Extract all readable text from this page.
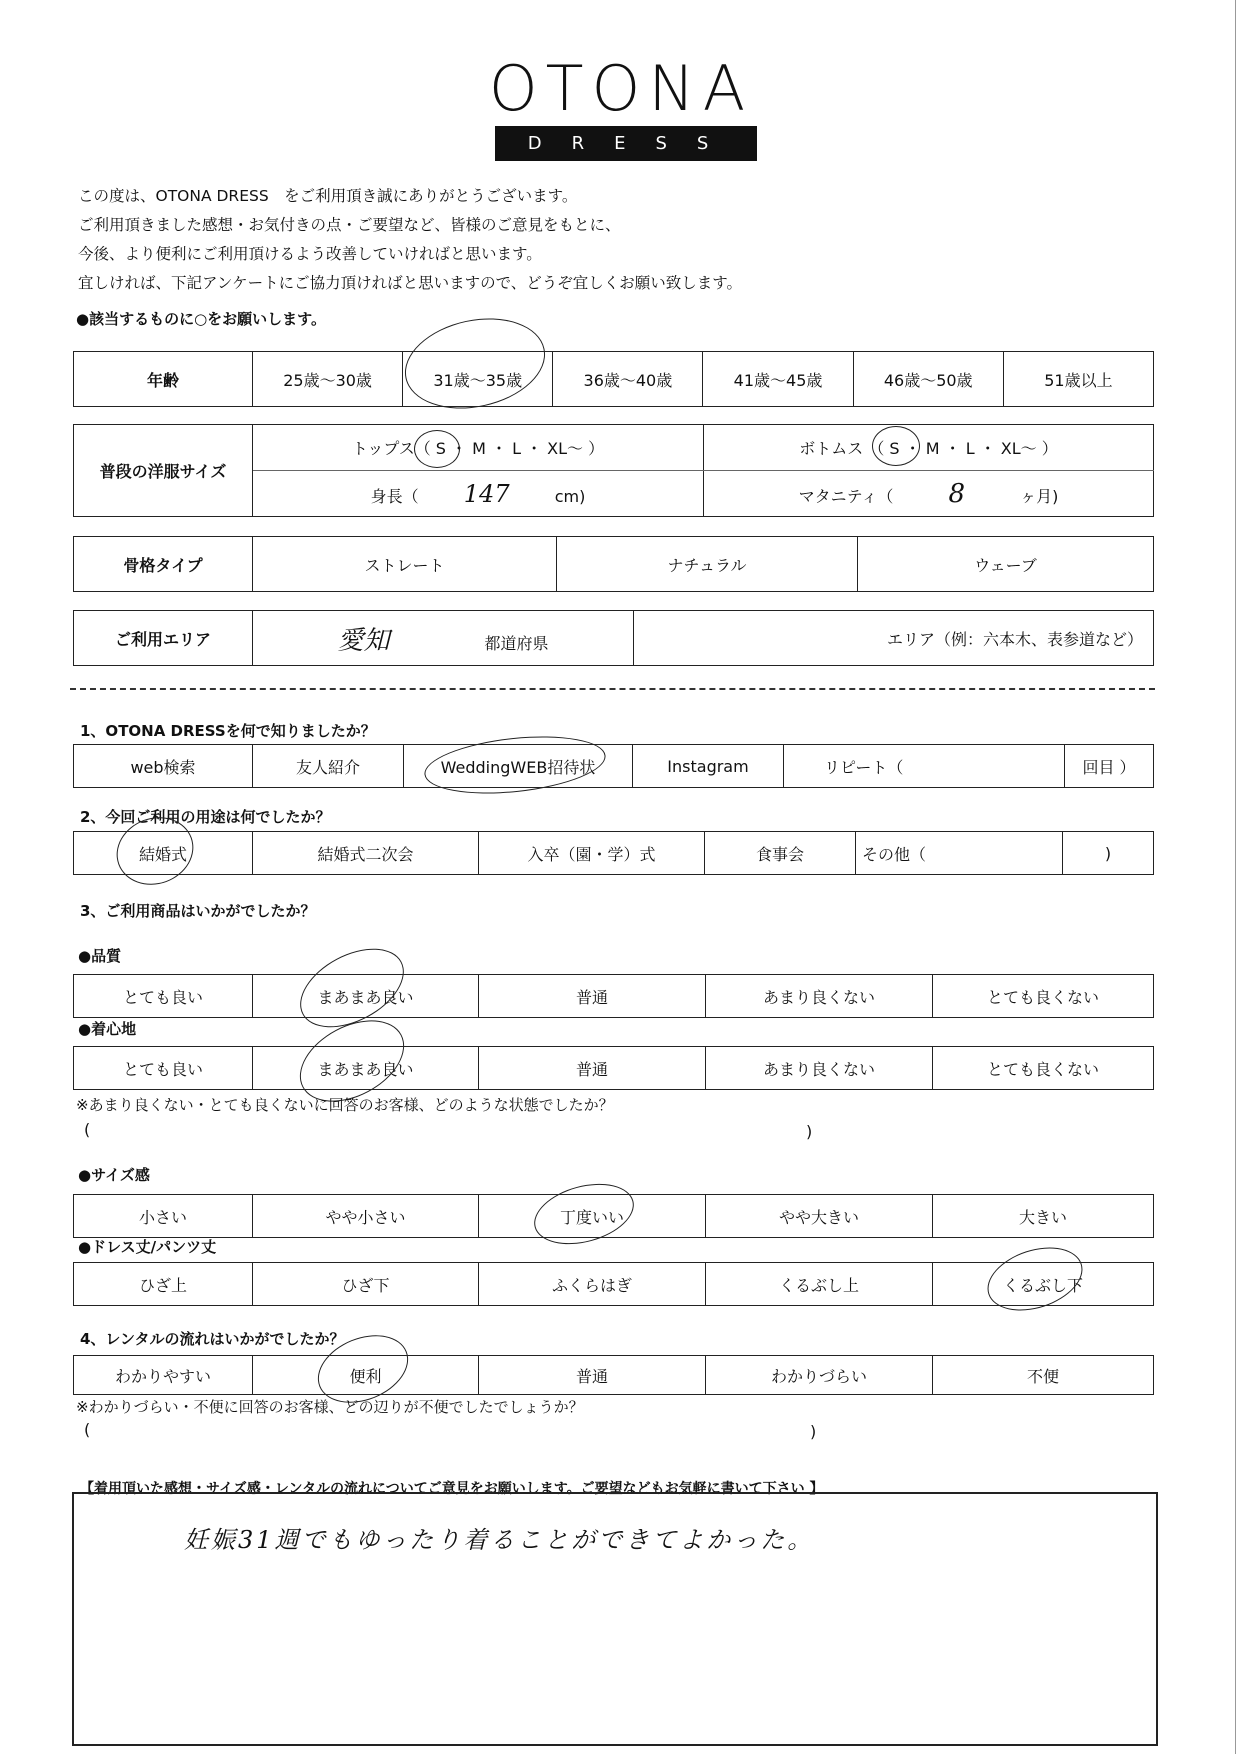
OTONA
DRESS
この度は、OTONA DRESS　をご利用頂き誠にありがとうございます。
ご利用頂きました感想・お気付きの点・ご要望など、皆様のご意見をもとに、
今後、より便利にご利用頂けるよう改善していければと思います。
宜しければ、下記アンケートにご協力頂ければと思いますので、どうぞ宜しくお願い致します。
●該当するものに○をお願いします。
年齢	25歳～30歳	31歳～35歳	36歳～40歳	41歳～45歳	46歳～50歳	51歳以上
普段の洋服サイズ	トップス（ S ・ M ・ L ・ XL～ ）	ボトムス （ S ・ M ・ L ・ XL～ ）
	身長（ 147 cm)	マタニティ（ 8 ヶ月)
骨格タイプ	ストレート	ナチュラル	ウェーブ
ご利用エリア	愛知	都道府県	エリア（例：六本木、表参道など）
1、OTONA DRESSを何で知りましたか？
web検索	友人紹介	WeddingWEB招待状	Instagram	リピート（	回目 ）
2、今回ご利用の用途は何でしたか？
結婚式	結婚式二次会	入卒（園・学）式	食事会	その他（	)
3、ご利用商品はいかがでしたか？
●品質
とても良い	まあまあ良い	普通	あまり良くない	とても良くない
●着心地
とても良い	まあまあ良い	普通	あまり良くない	とても良くない
※あまり良くない・とても良くないに回答のお客様、どのような状態でしたか？
(	)
●サイズ感
小さい	やや小さい	丁度いい	やや大きい	大きい
●ドレス丈/パンツ丈
ひざ上	ひざ下	ふくらはぎ	くるぶし上	くるぶし下
4、レンタルの流れはいかがでしたか？
わかりやすい	便利	普通	わかりづらい	不便
※わかりづらい・不便に回答のお客様、どの辺りが不便でしたでしょうか？
(	)
【着用頂いた感想・サイズ感・レンタルの流れについてご意見をお願いします。ご要望などもお気軽に書いて下さい 】
妊娠31週でもゆったり着ることができてよかった。
